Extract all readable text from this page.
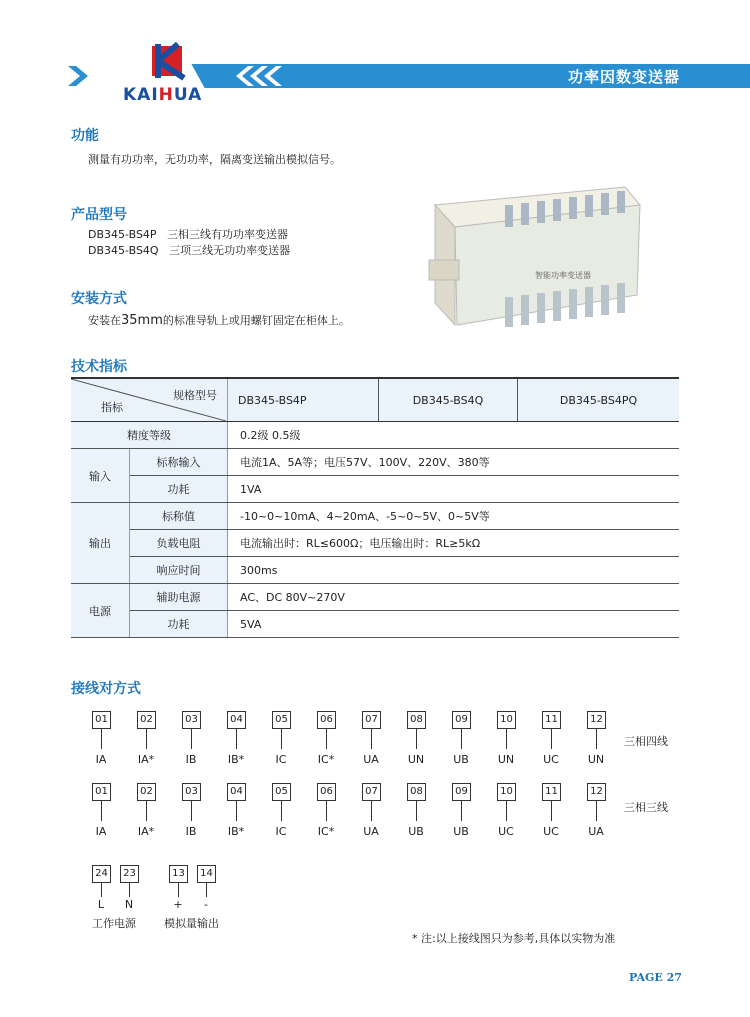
KAIHUA
功率因数变送器
功能
测量有功功率，无功功率，隔离变送输出模拟信号。
产品型号
DB345-BS4P 三相三线有功功率变送器
DB345-BS4Q 三项三线无功功率变送器
安装方式
安装在35mm的标准导轨上或用螺钉固定在柜体上。
智能功率变送器
技术指标
规格型号
指标		DB345-BS4P	DB345-BS4Q	DB345-BS4PQ
精度等级		0.2级 0.5级		
输入	标称输入	电流1A、5A等；电压57V、100V、220V、380等		
	功耗	1VA		
输出	标称值	-10~0~10mA、4~20mA、-5~0~5V、0~5V等		
	负载电阻	电流输出时：RL≤600Ω；电压输出时：RL≥5kΩ		
	响应时间	300ms		
电源	辅助电源	AC、DC 80V~270V		
	功耗	5VA		
接线对方式
01
IA
02
IA*
03
IB
04
IB*
05
IC
06
IC*
07
UA
08
UN
09
UB
10
UN
11
UC
12
UN
01
IA
02
IA*
03
IB
04
IB*
05
IC
06
IC*
07
UA
08
UB
09
UB
10
UC
11
UC
12
UA
24
L
23
N
13
+
14
-
工作电源	模拟量输出
三相四线
三相三线
* 注:以上接线图只为参考,具体以实物为准
PAGE 27
